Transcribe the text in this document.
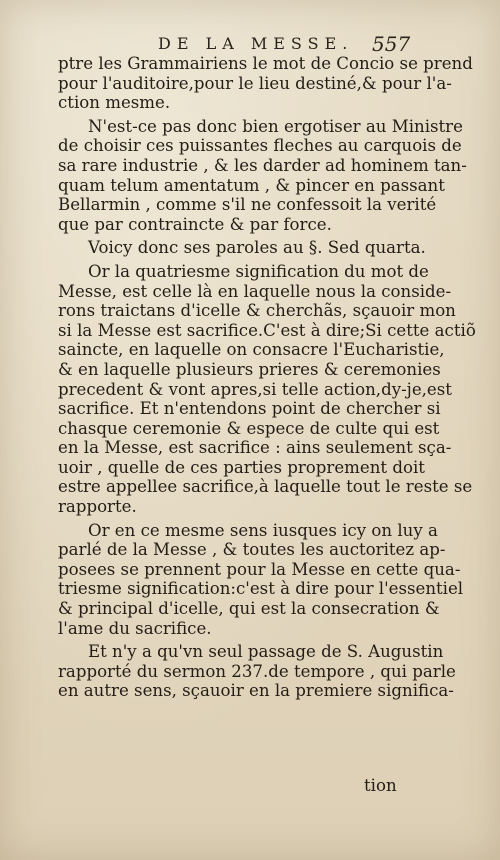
DE LA MESSE. 557
ptre les Grammairiens le mot de Concio se prend
pour l'auditoire,pour le lieu destiné,& pour l'a-
ction mesme.
N'est-ce pas donc bien ergotiser au Ministre
de choisir ces puissantes fleches au carquois de
sa rare industrie , & les darder ad hominem tan-
quam telum amentatum , & pincer en passant
Bellarmin , comme s'il ne confessoit la verité
que par contraincte & par force.
Voicy donc ses paroles au §. Sed quarta.
Or la quatriesme signification du mot de
Messe, est celle là en laquelle nous la conside-
rons traictans d'icelle & cherchãs, sçauoir mon
si la Messe est sacrifice.C'est à dire;Si cette actiõ
saincte, en laquelle on consacre l'Eucharistie,
& en laquelle plusieurs prieres & ceremonies
precedent & vont apres,si telle action,dy-je,est
sacrifice. Et n'entendons point de chercher si
chasque ceremonie & espece de culte qui est
en la Messe, est sacrifice : ains seulement sça-
uoir , quelle de ces parties proprement doit
estre appellee sacrifice,à laquelle tout le reste se
rapporte.
Or en ce mesme sens iusques icy on luy a
parlé de la Messe , & toutes les auctoritez ap-
posees se prennent pour la Messe en cette qua-
triesme signification:c'est à dire pour l'essentiel
& principal d'icelle, qui est la consecration &
l'ame du sacrifice.
Et n'y a qu'vn seul passage de S. Augustin
rapporté du sermon 237.de tempore , qui parle
en autre sens, sçauoir en la premiere significa-
tion
